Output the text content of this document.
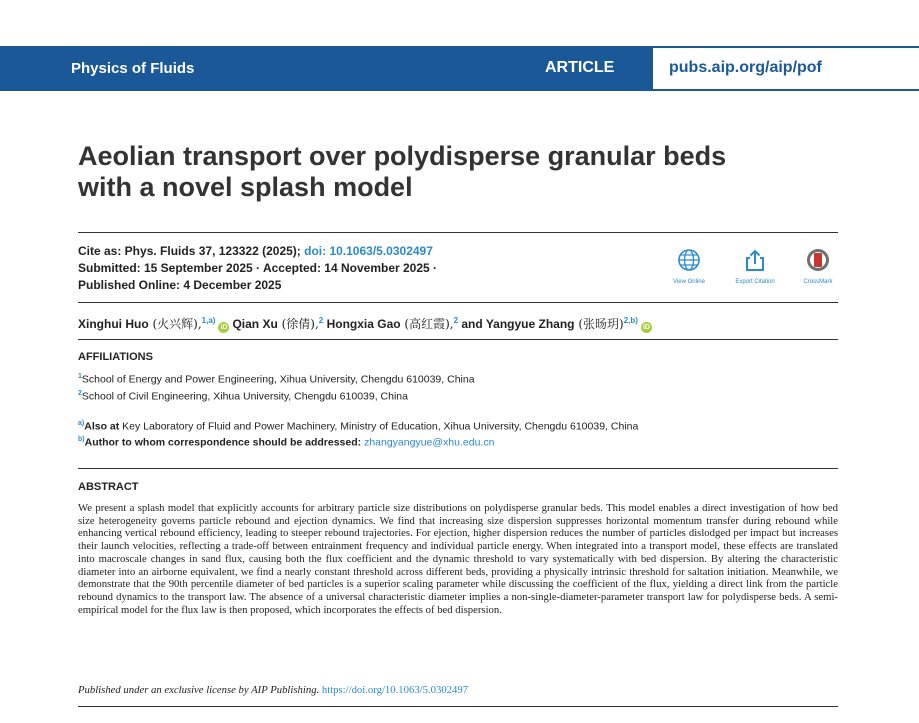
Physics of Fluids	ARTICLE	pubs.aip.org/aip/pof
Aeolian transport over polydisperse granular beds
with a novel splash model
Cite as: Phys. Fluids 37, 123322 (2025); doi: 10.1063/5.0302497
Submitted: 15 September 2025 · Accepted: 14 November 2025 ·
Published Online: 4 December 2025	View Online	Export Citation	CrossMark
Xinghui Huo (火兴辉),$^{1,a)}$iD Qian Xu (徐倩),$^2$ Hongxia Gao (高红霞),$^2$ and Yangyue Zhang (张旸玥)$^{2,b)}$iD
AFFILIATIONS
$^1$School of Energy and Power Engineering, Xihua University, Chengdu 610039, China
$^2$School of Civil Engineering, Xihua University, Chengdu 610039, China
$^{a)}$Also at Key Laboratory of Fluid and Power Machinery, Ministry of Education, Xihua University, Chengdu 610039, China
$^{b)}$Author to whom correspondence should be addressed: zhangyangyue@xhu.edu.cn
ABSTRACT
We present a splash model that explicitly accounts for arbitrary particle size distributions on polydisperse granular beds. This model enables a direct investigation of how bed size heterogeneity governs particle rebound and ejection dynamics. We find that increasing size dispersion suppresses horizontal momentum transfer during rebound while enhancing vertical rebound efficiency, leading to steeper rebound trajectories. For ejection, higher dispersion reduces the number of particles dislodged per impact but increases their launch velocities, reflecting a trade-off between entrainment frequency and individual particle energy. When integrated into a transport model, these effects are translated into macroscale changes in sand flux, causing both the flux coefficient and the dynamic threshold to vary systematically with bed dispersion. By altering the characteristic diameter into an airborne equivalent, we find a nearly constant threshold across different beds, providing a physically intrinsic threshold for saltation initiation. Meanwhile, we demonstrate that the 90th percentile diameter of bed particles is a superior scaling parameter while discussing the coefficient of the flux, yielding a direct link from the particle rebound dynamics to the transport law. The absence of a universal characteristic diameter implies a non-single-diameter-parameter transport law for polydisperse beds. A semi-empirical model for the flux law is then proposed, which incorporates the effects of bed dispersion.
Published under an exclusive license by AIP Publishing. https://doi.org/10.1063/5.0302497
